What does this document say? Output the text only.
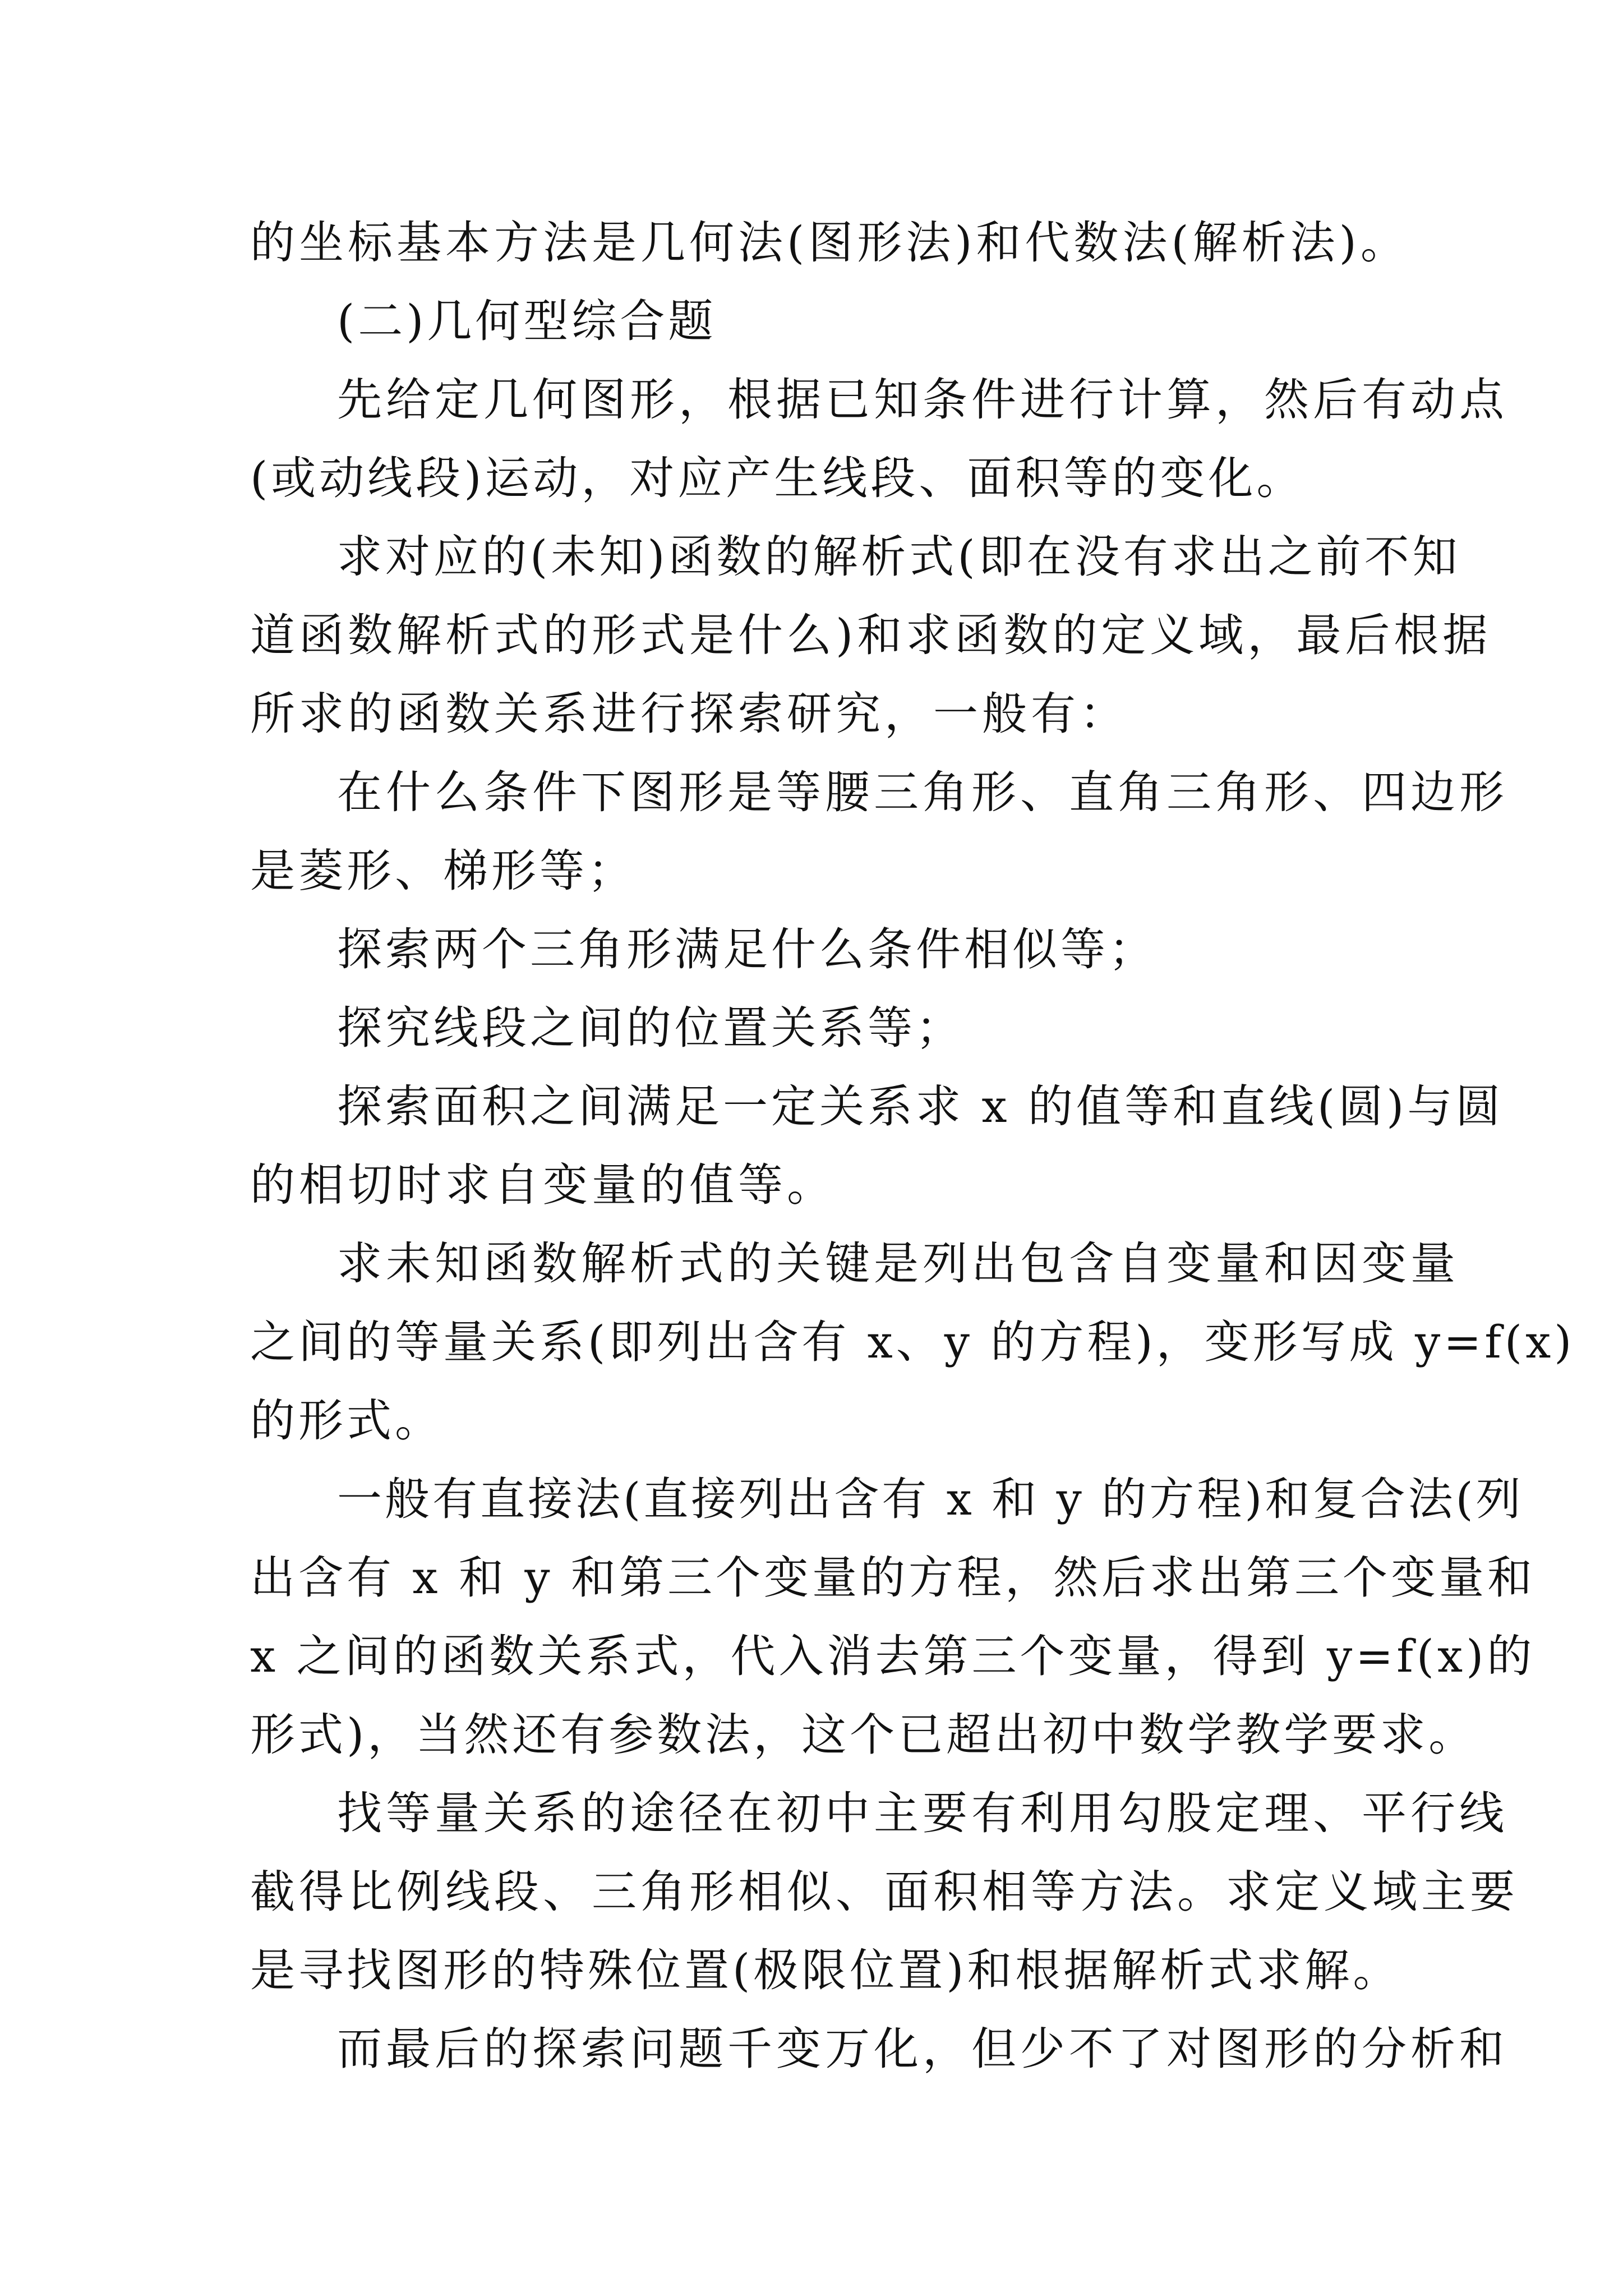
的坐标基本方法是几何法(图形法)和代数法(解析法)。
(二)几何型综合题
先给定几何图形，根据已知条件进行计算，然后有动点
(或动线段)运动，对应产生线段、面积等的变化。
求对应的(未知)函数的解析式(即在没有求出之前不知
道函数解析式的形式是什么)和求函数的定义域，最后根据
所求的函数关系进行探索研究，一般有：
在什么条件下图形是等腰三角形、直角三角形、四边形
是菱形、梯形等；
探索两个三角形满足什么条件相似等；
探究线段之间的位置关系等；
探索面积之间满足一定关系求 x 的值等和直线(圆)与圆
的相切时求自变量的值等。
求未知函数解析式的关键是列出包含自变量和因变量
之间的等量关系(即列出含有 x、y 的方程)，变形写成 y=f(x)
的形式。
一般有直接法(直接列出含有 x 和 y 的方程)和复合法(列
出含有 x 和 y 和第三个变量的方程，然后求出第三个变量和
x 之间的函数关系式，代入消去第三个变量，得到 y=f(x)的
形式)，当然还有参数法，这个已超出初中数学教学要求。
找等量关系的途径在初中主要有利用勾股定理、平行线
截得比例线段、三角形相似、面积相等方法。求定义域主要
是寻找图形的特殊位置(极限位置)和根据解析式求解。
而最后的探索问题千变万化，但少不了对图形的分析和
